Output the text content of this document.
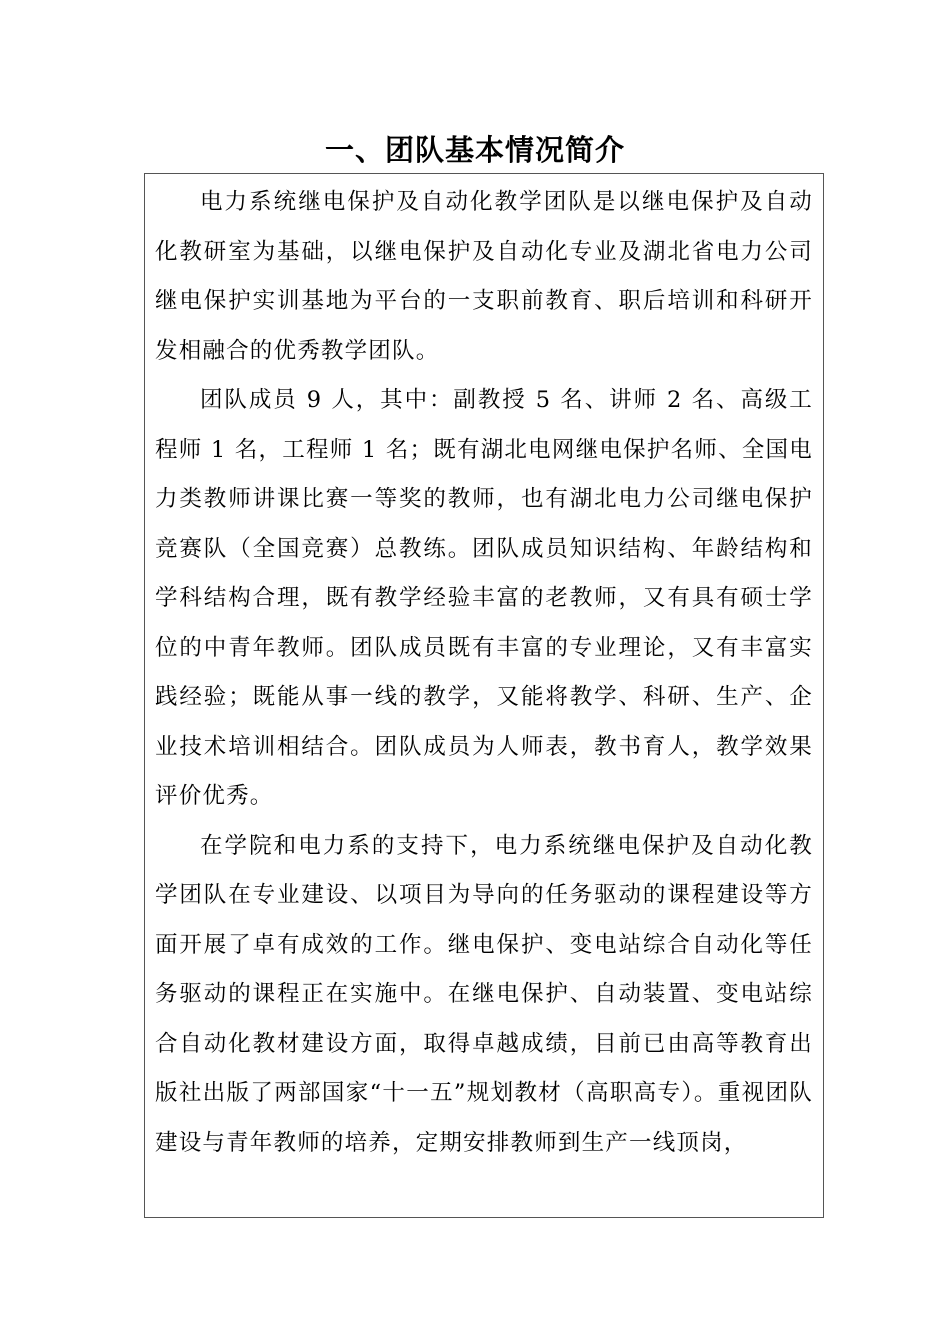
一、团队基本情况简介

电力系统继电保护及自动化教学团队是以继电保护及自动化教研室为基础，以继电保护及自动化专业及湖北省电力公司继电保护实训基地为平台的一支职前教育、职后培训和科研开发相融合的优秀教学团队。

团队成员 9 人，其中：副教授 5 名、讲师 2 名、高级工程师 1 名，工程师 1 名；既有湖北电网继电保护名师、全国电力类教师讲课比赛一等奖的教师，也有湖北电力公司继电保护竞赛队（全国竞赛）总教练。团队成员知识结构、年龄结构和学科结构合理，既有教学经验丰富的老教师，又有具有硕士学位的中青年教师。团队成员既有丰富的专业理论，又有丰富实践经验；既能从事一线的教学，又能将教学、科研、生产、企业技术培训相结合。团队成员为人师表，教书育人，教学效果评价优秀。

在学院和电力系的支持下，电力系统继电保护及自动化教学团队在专业建设、以项目为导向的任务驱动的课程建设等方面开展了卓有成效的工作。继电保护、变电站综合自动化等任务驱动的课程正在实施中。在继电保护、自动装置、变电站综合自动化教材建设方面，取得卓越成绩，目前已由高等教育出版社出版了两部国家“十一五”规划教材（高职高专）。重视团队建设与青年教师的培养，定期安排教师到生产一线顶岗，
